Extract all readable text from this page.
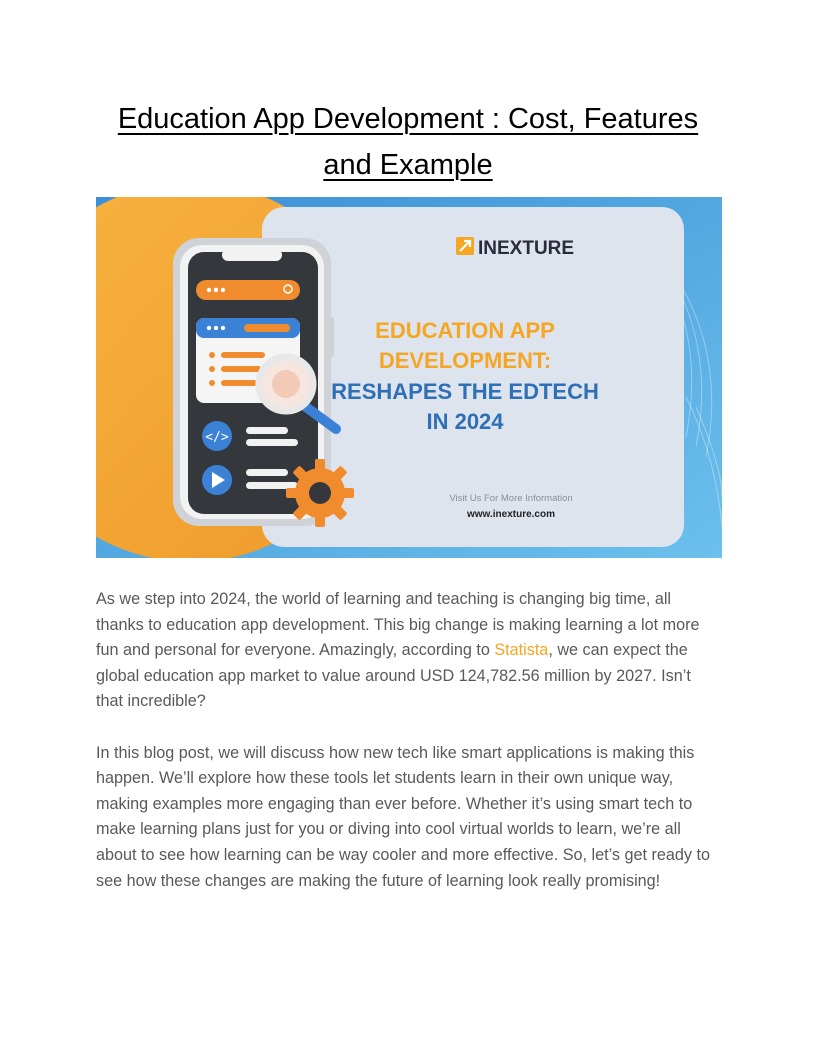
Education App Development : Cost, Features
and Example
</>
INEXTURE
EDUCATION APP
DEVELOPMENT:
RESHAPES THE EDTECH
IN 2024
Visit Us For More Information
www.inexture.com

As we step into 2024, the world of learning and teaching is changing big time, all thanks to education app development. This big change is making learning a lot more fun and personal for everyone. Amazingly, according to Statista, we can expect the global education app market to value around USD 124,782.56 million by 2027. Isn’t that incredible?

In this blog post, we will discuss how new tech like smart applications is making this happen. We’ll explore how these tools let students learn in their own unique way, making examples more engaging than ever before. Whether it’s using smart tech to make learning plans just for you or diving into cool virtual worlds to learn, we’re all about to see how learning can be way cooler and more effective. So, let’s get ready to see how these changes are making the future of learning look really promising!
